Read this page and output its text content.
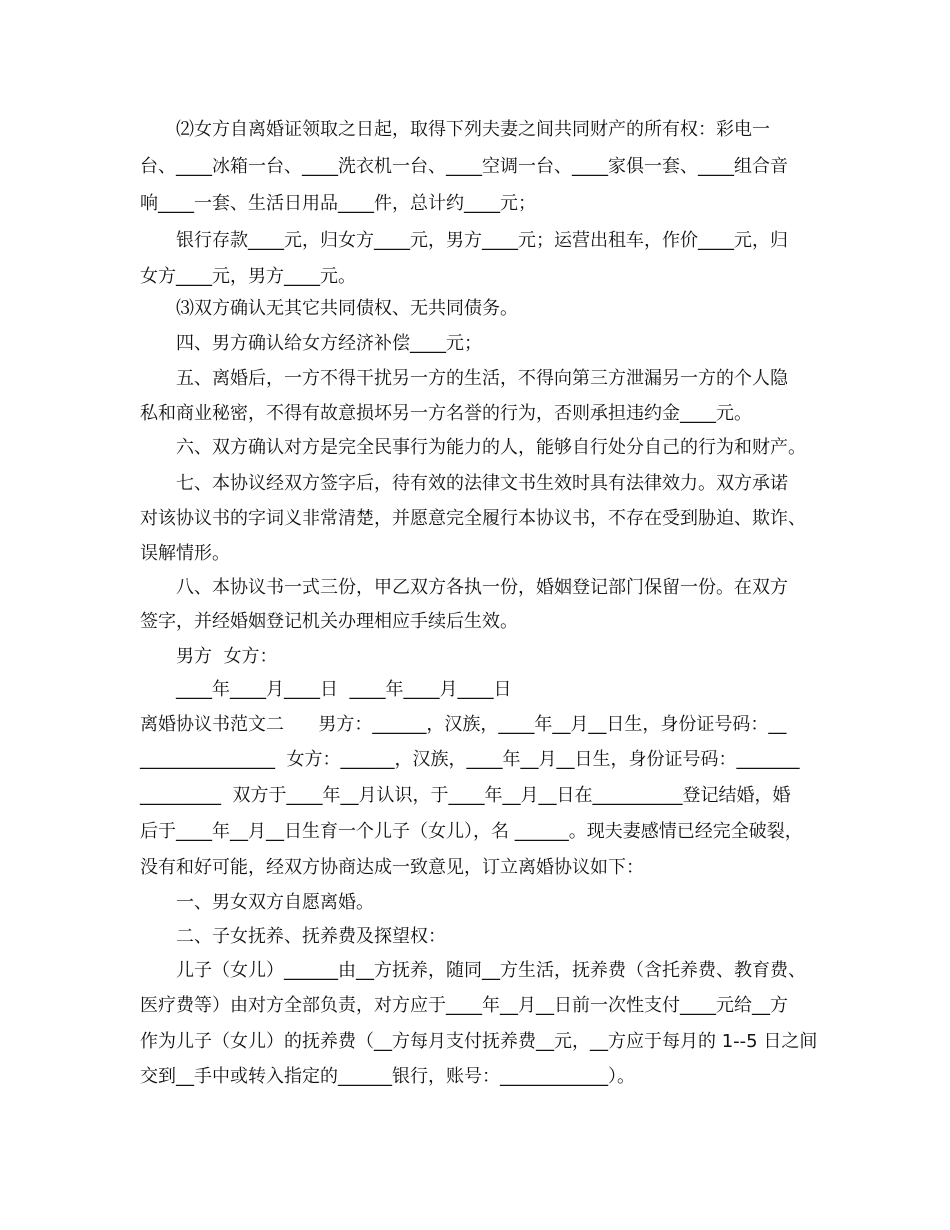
⑵女方自离婚证领取之日起，取得下列夫妻之间共同财产的所有权：彩电一
台、____冰箱一台、____洗衣机一台、____空调一台、____家俱一套、____组合音
响____一套、生活日用品____件，总计约____元；
银行存款____元，归女方____元，男方____元；运营出租车，作价____元，归
女方____元，男方____元。
⑶双方确认无其它共同债权、无共同债务。
四、男方确认给女方经济补偿____元；
五、离婚后，一方不得干扰另一方的生活，不得向第三方泄漏另一方的个人隐
私和商业秘密，不得有故意损坏另一方名誉的行为，否则承担违约金____元。
六、双方确认对方是完全民事行为能力的人，能够自行处分自己的行为和财产。
七、本协议经双方签字后，待有效的法律文书生效时具有法律效力。双方承诺
对该协议书的字词义非常清楚，并愿意完全履行本协议书，不存在受到胁迫、欺诈、
误解情形。
八、本协议书一式三份，甲乙双方各执一份，婚姻登记部门保留一份。在双方
签字，并经婚姻登记机关办理相应手续后生效。
男方  女方：
____年____月____日  ____年____月____日
离婚协议书范文二      男方：______，汉族，____年__月__日生，身份证号码：__
_______________  女方：______，汉族，____年__月__日生，身份证号码：_______
_________  双方于____年__月认识，于____年__月__日在__________登记结婚，婚
后于____年__月__日生育一个儿子（女儿），名 ______。现夫妻感情已经完全破裂，
没有和好可能，经双方协商达成一致意见，订立离婚协议如下：
一、男女双方自愿离婚。
二、子女抚养、抚养费及探望权：
儿子（女儿）______由__方抚养，随同__方生活，抚养费（含托养费、教育费、
医疗费等）由对方全部负责，对方应于____年__月__日前一次性支付____元给__方
作为儿子（女儿）的抚养费（__方每月支付抚养费__元，__方应于每月的 1--5 日之间
交到__手中或转入指定的______银行，账号：____________）。
